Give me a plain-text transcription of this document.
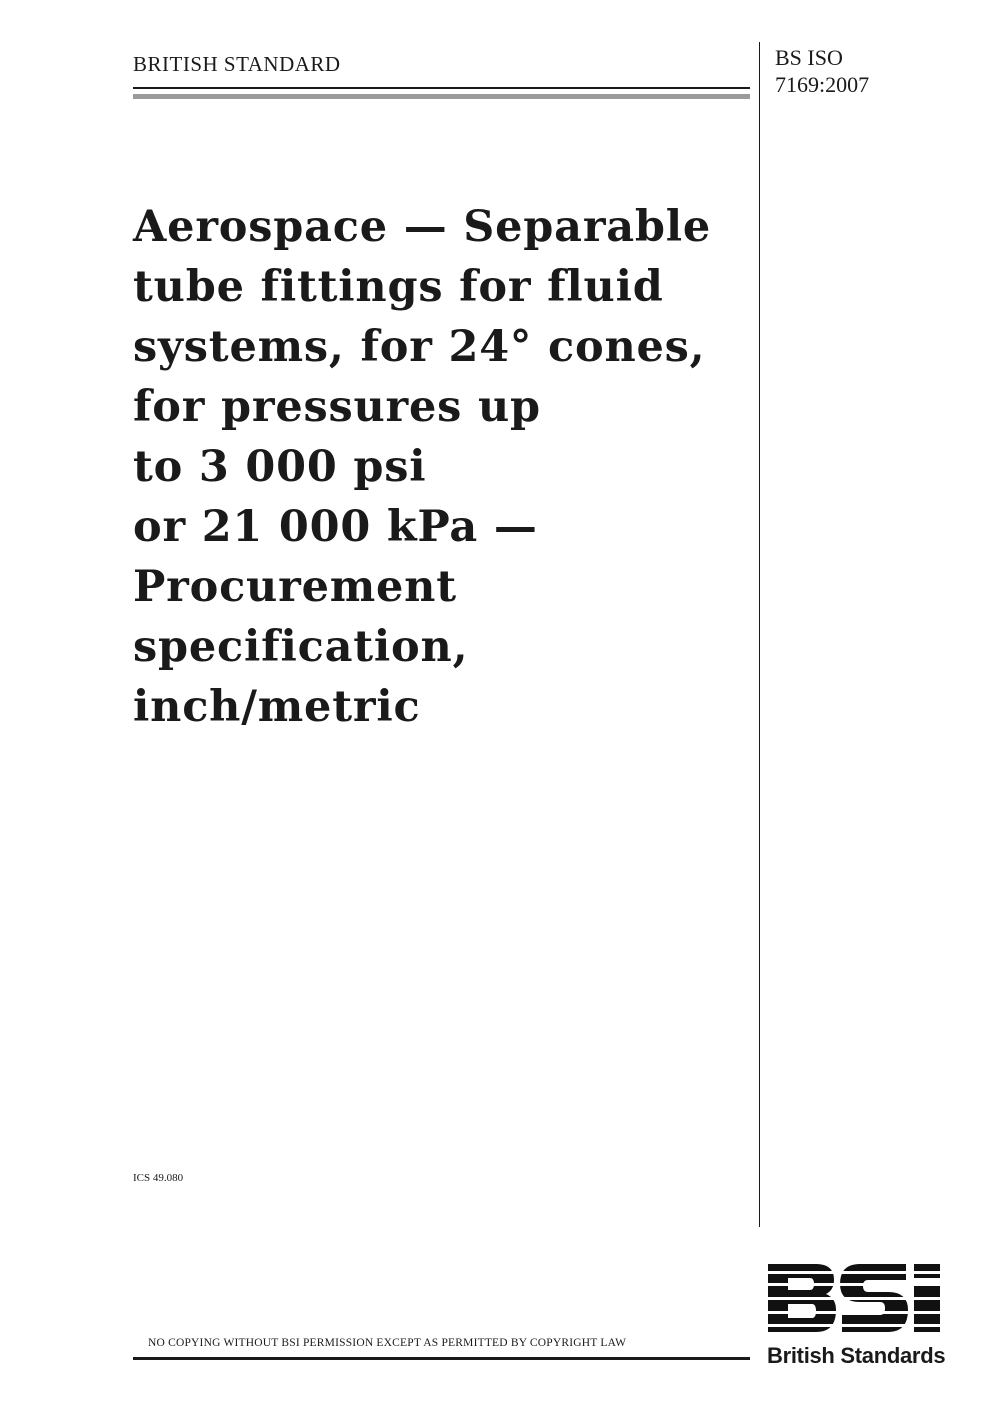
BRITISH STANDARD	BS ISO
7169:2007
Aerospace — Separable
tube fittings for fluid
systems, for 24° cones,
for pressures up
to 3 000 psi
or 21 000 kPa —
Procurement
specification,
inch/metric
ICS 49.080
NO COPYING WITHOUT BSI PERMISSION EXCEPT AS PERMITTED BY COPYRIGHT LAW	British Standards
